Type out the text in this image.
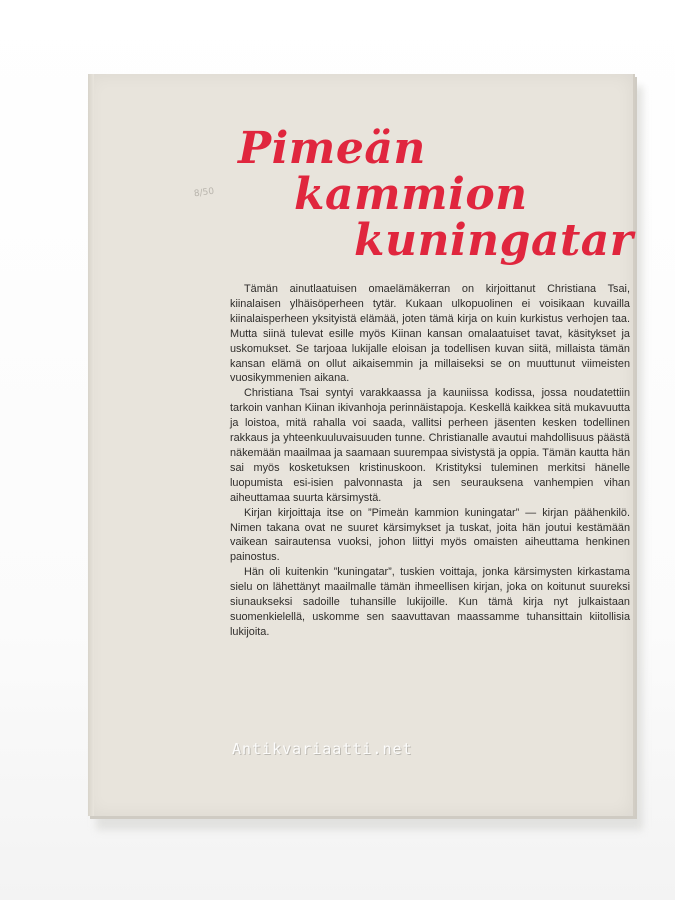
8/50
Pimeän
kammion
kuningatar

Tämän ainutlaatuisen omaelämäkerran on kirjoittanut Christiana Tsai, kiinalaisen ylhäisöperheen tytär. Kukaan ulkopuolinen ei voisikaan kuvailla kiinalaisperheen yksityistä elämää, joten tämä kirja on kuin kurkistus verhojen taa. Mutta siinä tulevat esille myös Kiinan kansan omalaatuiset tavat, käsitykset ja uskomukset. Se tarjoaa lukijalle eloisan ja todellisen kuvan siitä, millaista tämän kansan elämä on ollut aikaisemmin ja millaiseksi se on muuttunut viimeisten vuosikymmenien aikana.

Christiana Tsai syntyi varakkaassa ja kauniissa kodissa, jossa noudatettiin tarkoin vanhan Kiinan ikivanhoja perinnäistapoja. Keskellä kaikkea sitä mukavuutta ja loistoa, mitä rahalla voi saada, vallitsi perheen jäsenten kesken todellinen rakkaus ja yhteenkuuluvaisuuden tunne. Christianalle avautui mahdollisuus päästä näkemään maailmaa ja saamaan suurempaa sivistystä ja oppia. Tämän kautta hän sai myös kosketuksen kristinuskoon. Kristityksi tuleminen merkitsi hänelle luopumista esi-isien palvonnasta ja sen seurauksena vanhempien vihan aiheuttamaa suurta kärsimystä.

Kirjan kirjoittaja itse on ”Pimeän kammion kuningatar” — kirjan päähenkilö. Nimen takana ovat ne suuret kärsimykset ja tuskat, joita hän joutui kestämään vaikean sairautensa vuoksi, johon liittyi myös omaisten aiheuttama henkinen painostus.

Hän oli kuitenkin ”kuningatar”, tuskien voittaja, jonka kärsimysten kirkastama sielu on lähettänyt maailmalle tämän ihmeellisen kirjan, joka on koitunut suureksi siunaukseksi sadoille tuhansille lukijoille. Kun tämä kirja nyt julkaistaan suomenkielellä, uskomme sen saavuttavan maassamme tuhansittain kiitollisia lukijoita.

Antikvariaatti.net
